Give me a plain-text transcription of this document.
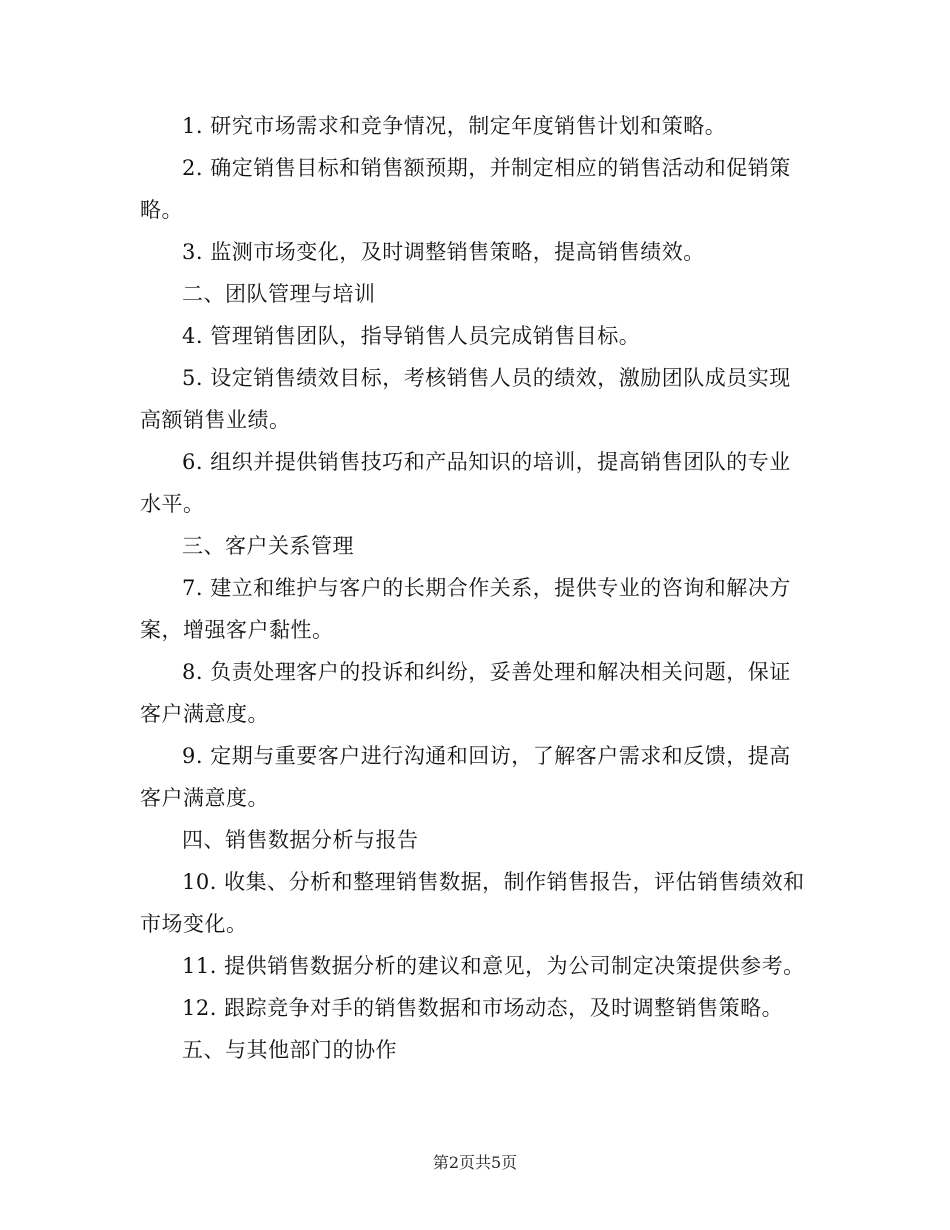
1. 研究市场需求和竞争情况，制定年度销售计划和策略。

2. 确定销售目标和销售额预期，并制定相应的销售活动和促销策略。

3. 监测市场变化，及时调整销售策略，提高销售绩效。

二、团队管理与培训

4. 管理销售团队，指导销售人员完成销售目标。

5. 设定销售绩效目标，考核销售人员的绩效，激励团队成员实现高额销售业绩。

6. 组织并提供销售技巧和产品知识的培训，提高销售团队的专业水平。

三、客户关系管理

7. 建立和维护与客户的长期合作关系，提供专业的咨询和解决方案，增强客户黏性。

8. 负责处理客户的投诉和纠纷，妥善处理和解决相关问题，保证客户满意度。

9. 定期与重要客户进行沟通和回访，了解客户需求和反馈，提高客户满意度。

四、销售数据分析与报告

10. 收集、分析和整理销售数据，制作销售报告，评估销售绩效和市场变化。

11. 提供销售数据分析的建议和意见，为公司制定决策提供参考。

12. 跟踪竞争对手的销售数据和市场动态，及时调整销售策略。

五、与其他部门的协作

第2页共5页
